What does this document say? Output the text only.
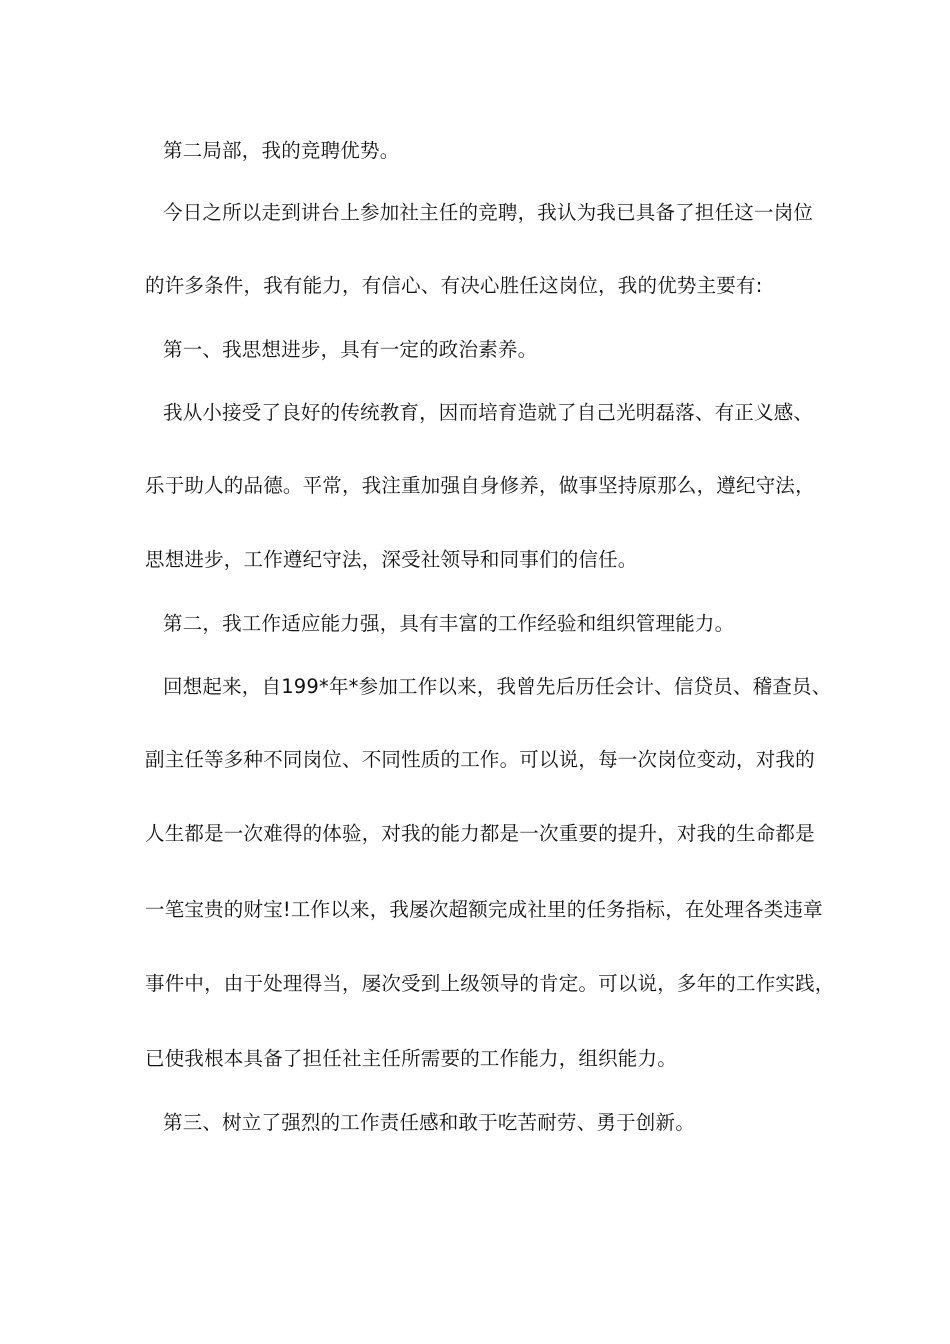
第二局部，我的竞聘优势。
今日之所以走到讲台上参加社主任的竞聘，我认为我已具备了担任这一岗位
的许多条件，我有能力，有信心、有决心胜任这岗位，我的优势主要有:
第一、我思想进步，具有一定的政治素养。
我从小接受了良好的传统教育，因而培育造就了自己光明磊落、有正义感、
乐于助人的品德。平常，我注重加强自身修养，做事坚持原那么，遵纪守法，
思想进步，工作遵纪守法，深受社领导和同事们的信任。
第二，我工作适应能力强，具有丰富的工作经验和组织管理能力。
回想起来，自199*年*参加工作以来，我曾先后历任会计、信贷员、稽查员、
副主任等多种不同岗位、不同性质的工作。可以说，每一次岗位变动，对我的
人生都是一次难得的体验，对我的能力都是一次重要的提升，对我的生命都是
一笔宝贵的财宝!工作以来，我屡次超额完成社里的任务指标，在处理各类违章
事件中，由于处理得当，屡次受到上级领导的肯定。可以说，多年的工作实践，
已使我根本具备了担任社主任所需要的工作能力，组织能力。
第三、树立了强烈的工作责任感和敢于吃苦耐劳、勇于创新。
